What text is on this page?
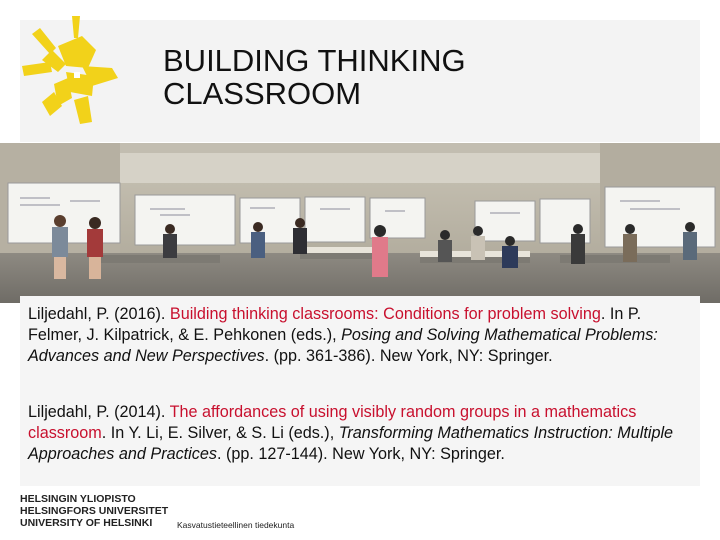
BUILDING THINKING CLASSROOM
Liljedahl, P. (2016). Building thinking classrooms: Conditions for problem solving. In P. Felmer, J. Kilpatrick, & E. Pehkonen (eds.), Posing and Solving Mathematical Problems: Advances and New Perspectives. (pp. 361-386). New York, NY: Springer.
Liljedahl, P. (2014). The affordances of using visibly random groups in a mathematics classroom. In Y. Li, E. Silver, & S. Li (eds.), Transforming Mathematics Instruction: Multiple Approaches and Practices. (pp. 127-144). New York, NY: Springer.
HELSINGIN YLIOPISTO
HELSINGFORS UNIVERSITET
UNIVERSITY OF HELSINKI	Kasvatustieteellinen tiedekunta
